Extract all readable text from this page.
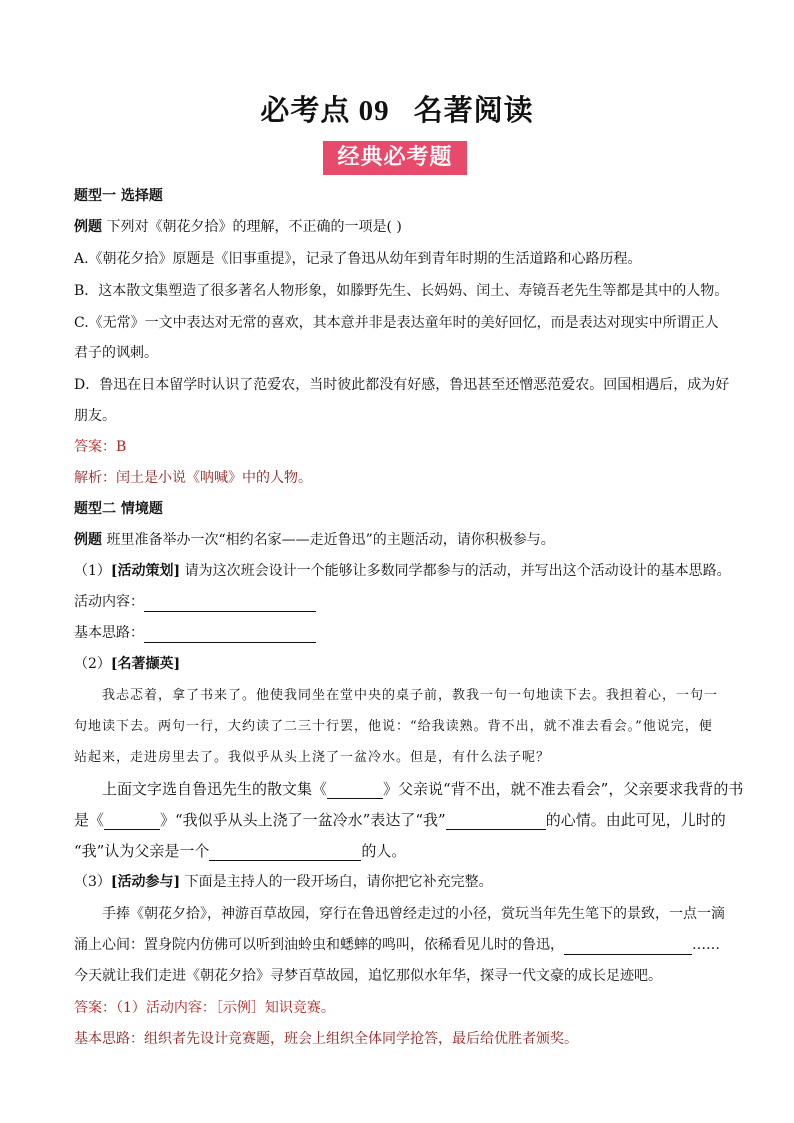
必考点 09 名著阅读
经典必考题
题型一 选择题
例题 下列对《朝花夕拾》的理解，不正确的一项是( )
A.《朝花夕拾》原题是《旧事重提》，记录了鲁迅从幼年到青年时期的生活道路和心路历程。
B．这本散文集塑造了很多著名人物形象，如滕野先生、长妈妈、闰土、寿镜吾老先生等都是其中的人物。
C.《无常》一文中表达对无常的喜欢，其本意并非是表达童年时的美好回忆，而是表达对现实中所谓正人
君子的讽刺。
D．鲁迅在日本留学时认识了范爱农，当时彼此都没有好感，鲁迅甚至还憎恶范爱农。回国相遇后，成为好
朋友。
答案：B
解析：闰土是小说《呐喊》中的人物。
题型二 情境题
例题 班里准备举办一次“相约名家——走近鲁迅”的主题活动，请你积极参与。
（1）[活动策划] 请为这次班会设计一个能够让多数同学都参与的活动，并写出这个活动设计的基本思路。
活动内容：
基本思路：
（2）[名著撷英]
我忐忑着，拿了书来了。他使我同坐在堂中央的桌子前，教我一句一句地读下去。我担着心，一句一
句地读下去。两句一行，大约读了二三十行罢，他说：“给我读熟。背不出，就不准去看会。”他说完，便
站起来，走进房里去了。我似乎从头上浇了一盆冷水。但是，有什么法子呢？
上面文字选自鲁迅先生的散文集《	》父亲说“背不出，就不准去看会”，父亲要求我背的书
是《	》“我似乎从头上浇了一盆冷水”表达了“我”	的心情。由此可见，儿时的
“我”认为父亲是一个	的人。
（3）[活动参与] 下面是主持人的一段开场白，请你把它补充完整。
手捧《朝花夕拾》，神游百草故园，穿行在鲁迅曾经走过的小径，赏玩当年先生笔下的景致，一点一滴
涌上心间：置身院内仿佛可以听到油蛉虫和蟋蟀的鸣叫，依稀看见儿时的鲁迅，	……
今天就让我们走进《朝花夕拾》寻梦百草故园，追忆那似水年华，探寻一代文豪的成长足迹吧。
答案：（1）活动内容：［示例］知识竞赛。
基本思路：组织者先设计竞赛题，班会上组织全体同学抢答，最后给优胜者颁奖。
